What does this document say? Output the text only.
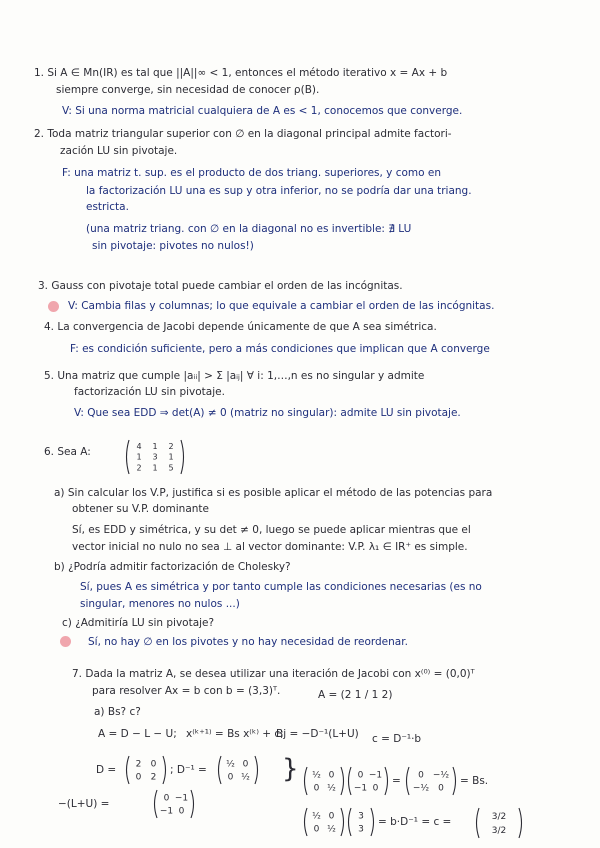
1. Si A ∈ Mn(IR) es tal que ||A||∞ < 1, entonces el método iterativo x = Ax + b
siempre converge, sin necesidad de conocer ρ(B).
V: Si una norma matricial cualquiera de A es < 1, conocemos que converge.
2. Toda matriz triangular superior con ∅ en la diagonal principal admite factori-
zación LU sin pivotaje.
F: una matriz t. sup. es el producto de dos triang. superiores, y como en
la factorización LU una es sup y otra inferior, no se podría dar una triang.
estricta.
(una matriz triang. con ∅ en la diagonal no es invertible: ∄ LU
sin pivotaje: pivotes no nulos!)
3. Gauss con pivotaje total puede cambiar el orden de las incógnitas.
V: Cambia filas y columnas; lo que equivale a cambiar el orden de las incógnitas.
4. La convergencia de Jacobi depende únicamente de que A sea simétrica.
F: es condición suficiente, pero a más condiciones que implican que A converge
5. Una matriz que cumple |aᵢᵢ| > Σ |aᵢⱼ| ∀ i: 1,…,n es no singular y admite
factorización LU sin pivotaje.
V: Que sea EDD ⇒ det(A) ≠ 0 (matriz no singular): admite LU sin pivotaje.
6. Sea A:	4 1 2
1 3 1
2 1 5
a) Sin calcular los V.P, justifica si es posible aplicar el método de las potencias para
obtener su V.P. dominante
Sí, es EDD y simétrica, y su det ≠ 0, luego se puede aplicar mientras que el
vector inicial no nulo no sea ⊥ al vector dominante: V.P. λ₁ ∈ IR⁺ es simple.
b) ¿Podría admitir factorización de Cholesky?
Sí, pues A es simétrica y por tanto cumple las condiciones necesarias (es no
singular, menores no nulos ...)
c) ¿Admitiría LU sin pivotaje?
Sí, no hay ∅ en los pivotes y no hay necesidad de reordenar.
7. Dada la matriz A, se desea utilizar una iteración de Jacobi con x⁽⁰⁾ = (0,0)ᵀ
para resolver Ax = b con b = (3,3)ᵀ.	A = (2 1 / 1 2)
a) Bs? c?
A = D − L − U; x⁽ᵏ⁺¹⁾ = Bs x⁽ᵏ⁾ + c;
Bj = −D⁻¹(L+U) c = D⁻¹·b
D = 2 0
0 2
; D⁻¹ = ½ 0
0 ½
−(L+U) =	0 −1
−1 0
} ½ 0
0 ½
0 −1
−1 0
= 0 −½
−½ 0
= Bs.
½ 0
0 ½
3
3
= b·D⁻¹ = c =	3/2
3/2
